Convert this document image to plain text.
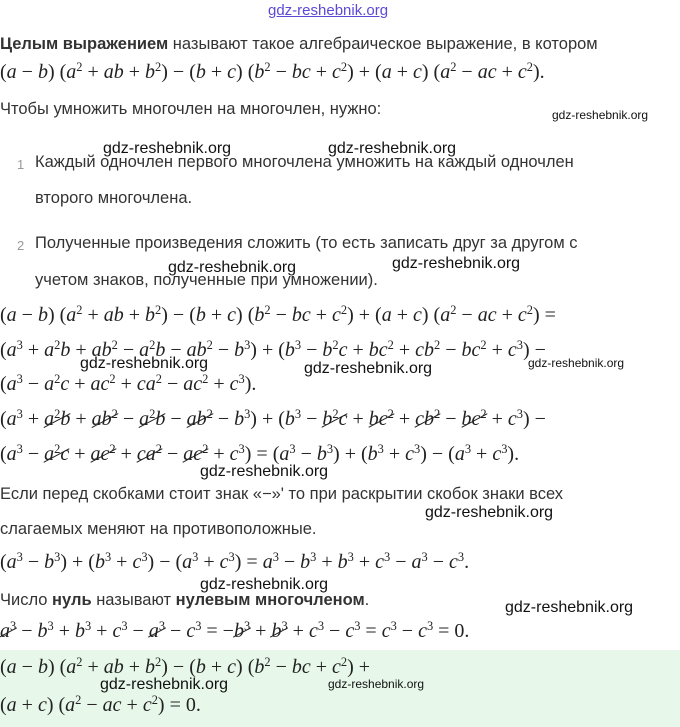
gdz-reshebnik.org
Целым выражением называют такое алгебраическое выражение, в котором
(a − b) ($a^2$ + ab + $b^2) - (b + c)$ ($b^2$ − bc + $c^2) + (a + c)$ ($a^2$ − ac + $c^2$).
Чтобы умножить многочлен на многочлен, нужно:	gdz-reshebnik.org
gdz-reshebnik.org	gdz-reshebnik.org
1 Каждый одночлен первого многочлена умножить на каждый одночлен
второго многочлена.
2 Полученные произведения сложить (то есть записать друг за другом с
учетом знаков, полученные при умножении).
gdz-reshebnik.org	gdz-reshebnik.org
(a − b) ($a^2$ + ab + $b^2) - (b + c)$ ($b^2$ − bc + $c^2) + (a + c)$ ($a^2$ − ac + $c^2$) =
$(a^3 + a^2b + ab^2 - a^2b - ab^2 - b^3) + (b^3 - b^2c + bc^2 + cb^2 - bc^2 + c^3)$ −
$(a^3 - a^2c + ac^2 + ca^2 - ac^2 + c^3)$.
gdz-reshebnik.org	gdz-reshebnik.org	gdz-reshebnik.org
$(a^3 + a^2b + ab^2 - a^2b - ab^2 - b^3) + (b^3 - b^2c + bc^2 + cb^2 - bc^2 + c^3)$ −
$(a^3 - a^2c + ac^2 + ca^2 - ac^2 + c^3) = (a^3 - b^3) + (b^3 + c^3) - (a^3 + c^3)$.
gdz-reshebnik.org
Если перед скобками стоит знак «−»' то при раскрытии скобок знаки всех
слагаемых меняют на противоположные.
gdz-reshebnik.org
$(a^3 - b^3) + (b^3 + c^3) - (a^3 + c^3) = a^3 - b^3 + b^3 + c^3 - a^3 - c^3$.
gdz-reshebnik.org
Число нуль называют нулевым многочленом.	gdz-reshebnik.org
$a^3 - b^3 + b^3 + c^3 - a^3 - c^3 = -b^3 + b^3 + c^3 - c^3 = c^3 - c^3 = 0$.
(a − b) ($a^2$ + ab + $b^2) - (b + c)$ ($b^2$ − bc + $c^2$) +
(a + c) ($a^2$ − ac + $c^2) = 0$.
gdz-reshebnik.org	gdz-reshebnik.org
